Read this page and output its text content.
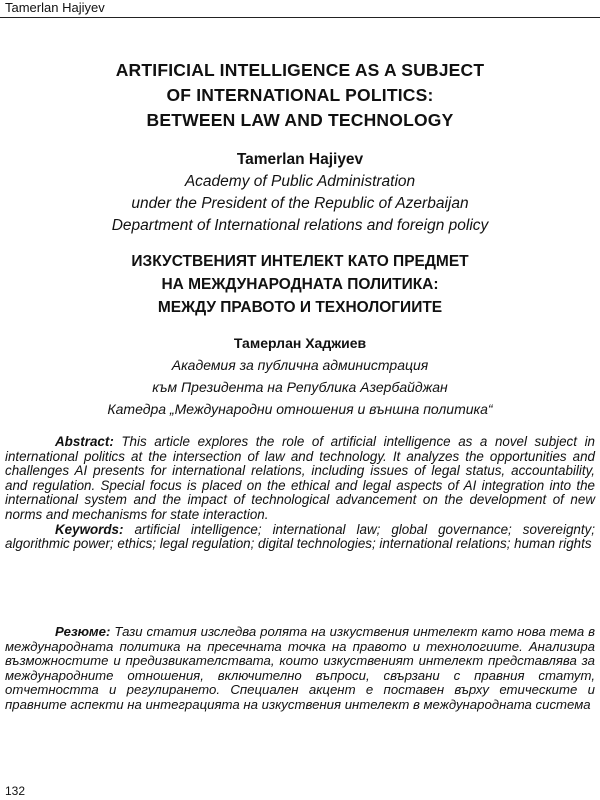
Tamerlan Hajiyev

ARTIFICIAL INTELLIGENCE AS A SUBJECT

OF INTERNATIONAL POLITICS:

BETWEEN LAW AND TECHNOLOGY

Tamerlan Hajiyev

Academy of Public Administration

under the President of the Republic of Azerbaijan

Department of International relations and foreign policy

ИЗКУСТВЕНИЯТ ИНТЕЛЕКТ КАТО ПРЕДМЕТ

НА МЕЖДУНАРОДНАТА ПОЛИТИКА:

МЕЖДУ ПРАВОТО И ТЕХНОЛОГИИТЕ

Тамерлан Хаджиев

Академия за публична администрация

към Президента на Република Азербайджан

Катедра „Международни отношения и външна политика“

Abstract: This article explores the role of artificial intelligence as a novel subject in international politics at the intersection of law and technology. It analyzes the opportunities and challenges AI presents for international relations, including issues of legal status, accountability, and regulation. Special focus is placed on the ethical and legal aspects of AI integration into the international system and the impact of technological advancement on the development of new norms and mechanisms for state interaction.

Keywords: artificial intelligence; international law; global governance; sovereignty; algorithmic power; ethics; legal regulation; digital technologies; international relations; human rights

Резюме: Тази статия изследва ролята на изкуствения интелект като нова тема в международната политика на пресечната точка на правото и технологиите. Анализира възможностите и предизвикателствата, които изкуственият интелект представлява за международните отношения, включително въпроси, свързани с правния статут, отчетността и регулирането. Специален акцент е поставен върху етическите и правните аспекти на интеграцията на изкуствения интелект в международната система

132
